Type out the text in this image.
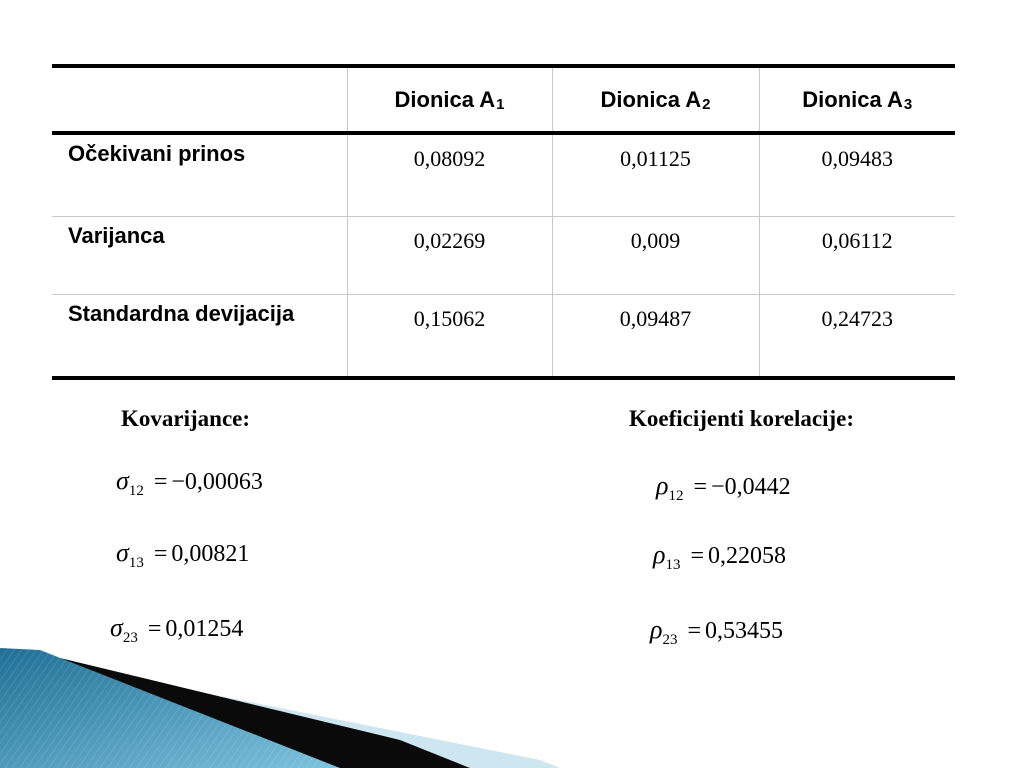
	Dionica $A_1$	Dionica $A_2$	Dionica $A_3$
Očekivani prinos	0,08092	0,01125	0,09483
Varijanca	0,02269	0,009	0,06112
Standardna devijacija	0,15062	0,09487	0,24723
Kovarijance:
$\sigma_{12} = -0,00063$
$\sigma_{13} = 0,00821$
$\sigma_{23} = 0,01254$
Koeficijenti korelacije:
$\rho_{12} = -0,0442$
$\rho_{13} = 0,22058$
$\rho_{23} = 0,53455$
